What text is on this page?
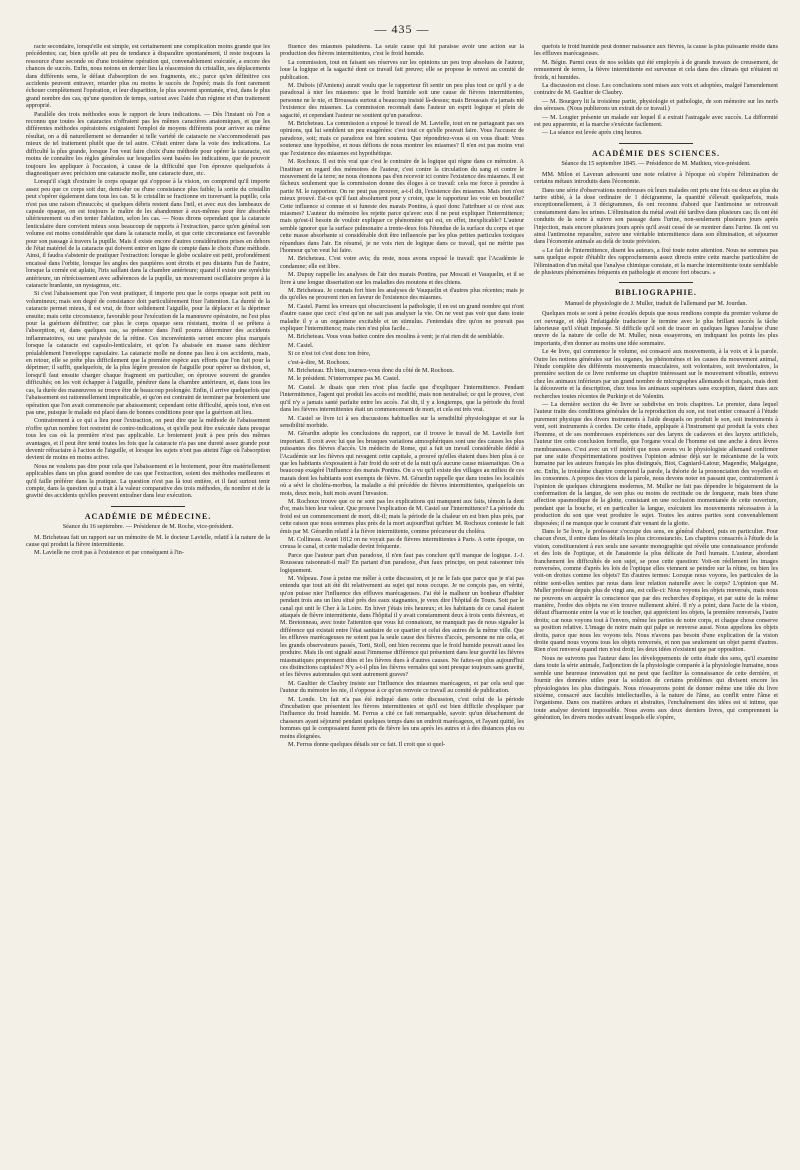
— 435 —

racte secondaire, lorsqu'elle est simple, est certainement une complication moins grande que les précédentes; car, bien qu'elle ait peu de tendance à disparaître spontanément, il reste toujours la ressource d'une seconde ou d'une troisième opération qui, convenablement exécutée, a encore des chances de succès. Enfin, nous notons en dernier lieu la réascension du cristallin, ses déplacements dans différents sens, le défaut d'absorption de ses fragments, etc.; parce qu'en définitive ces accidents peuvent entraver, retarder plus ou moins le succès de l'opéré; mais ils font rarement échouer complètement l'opération, et leur disparition, le plus souvent spontanée, n'est, dans le plus grand nombre des cas, qu'une question de temps, surtout avec l'aide d'un régime et d'un traitement approprié.

Parallèle des trois méthodes sous le rapport de leurs indications. — Dès l'instant où l'on a reconnu que toutes les cataractes n'offraient pas les mêmes caractères anatomiques, et que les différentes méthodes opératoires exigeaient l'emploi de moyens différents pour arriver au même résultat, on a dû naturellement se demander si telle variété de cataracte ne s'accommoderait pas mieux de tel traitement plutôt que de tel autre. C'était entrer dans la voie des indications. La difficulté la plus grande, lorsque l'on veut faire choix d'une méthode pour opérer la cataracte, est moins de connaître les règles générales sur lesquelles sont basées les indications, que de pouvoir toujours les appliquer à l'occasion, à cause de la difficulté que l'on éprouve quelquefois à diagnostiquer avec précision une cataracte molle, une cataracte dure, etc.

Lorsqu'il s'agit d'extraire le corps opaque qui s'oppose à la vision, on comprend qu'il importe assez peu que ce corps soit dur, demi-dur ou d'une consistance plus faible; la sortie du cristallin peut s'opérer également dans tous les cas. Si le cristallin se fractionne en traversant la pupille, cela n'est pas une raison d'insuccès; si quelques débris restent dans l'œil, et avec eux des lambeaux de capsule opaque, on est toujours le maître de les abandonner à eux-mêmes pour être absorbés ultérieurement ou d'en tenter l'ablation, selon les cas. — Nous dirons cependant que la cataracte lenticulaire dure convient mieux sous beaucoup de rapports à l'extraction, parce qu'en général son volume est moins considérable que dans la cataracte molle, et que cette circonstance est favorable pour son passage à travers la pupille. Mais il existe encore d'autres considérations prises en dehors de l'état matériel de la cataracte qui doivent entrer en ligne de compte dans le choix d'une méthode. Ainsi, il faudra s'abstenir de pratiquer l'extraction: lorsque le globe oculaire est petit, profondément encaissé dans l'orbite, lorsque les angles des paupières sont étroits et peu distants l'un de l'autre, lorsque la cornée est aplatie, l'iris saillant dans la chambre antérieure; quand il existe une synéchie antérieure, un rétrécissement avec adhérences de la pupille, un mouvement oscillatoire propre à la cataracte branlante, un nystagmus, etc.

Si c'est l'abaissement que l'on veut pratiquer, il importe peu que le corps opaque soit petit ou volumineux; mais son degré de consistance doit particulièrement fixer l'attention. La dureté de la cataracte permet mieux, il est vrai, de fixer solidement l'aiguille, pour la déplacer et la déprimer ensuite; mais cette circonstance, favorable pour l'exécution de la manœuvre opératoire, ne l'est plus pour la guérison définitive; car plus le corps opaque sera résistant, moins il se prêtera à l'absorption, et, dans quelques cas, sa présence dans l'œil pourra déterminer des accidents inflammatoires, ou une paralysie de la rétine. Ces inconvénients seront encore plus marqués lorsque la cataracte est capsulo-lenticulaire, et qu'on l'a abaissée en masse sans déchirer préalablement l'enveloppe capsulaire. La cataracte molle ne donne pas lieu à ces accidents, mais, en retour, elle se prête plus difficilement que la première espèce aux efforts que l'on fait pour la déprimer; il suffit, quelquefois, de la plus légère pression de l'aiguille pour opérer sa division, et, lorsqu'il faut ensuite charger chaque fragment en particulier, on éprouve souvent de grandes difficultés; on les voit échapper à l'aiguille, pénétrer dans la chambre antérieure, et, dans tous les cas, la durée des manœuvres se trouve être de beaucoup prolongée. Enfin, il arrive quelquefois que l'abaissement est rationnellement impraticable, et qu'on est contraint de terminer par broiement une opération que l'on avait commencée par abaissement; cependant cette difficulté, après tout, n'en est pas une, puisque le malade est placé dans de bonnes conditions pour que la guérison ait lieu.

Contrairement à ce qui a lieu pour l'extraction, on peut dire que la méthode de l'abaissement n'offre qu'un nombre fort restreint de contre-indications, et qu'elle peut être exécutée dans presque tous les cas où la première n'est pas applicable. Le broiement jouit à peu près des mêmes avantages, et il peut être tenté toutes les fois que la cataracte n'a pas une dureté assez grande pour devenir réfractaire à l'action de l'aiguille, et lorsque les sujets n'ont pas atteint l'âge où l'absorption devient de moins en moins active.

Nous ne voulons pas dire pour cela que l'abaissement et le broiement, pour être matériellement applicables dans un plus grand nombre de cas que l'extraction, soient des méthodes meilleures et qu'il faille préférer dans la pratique. La question n'est pas là tout entière, et il faut surtout tenir compte, dans la question qui a trait à la valeur comparative des trois méthodes, du nombre et de la gravité des accidents qu'elles peuvent entraîner dans leur exécution.

ACADÉMIE DE MÉDECINE.
Séance du 16 septembre. — Présidence de M. Roche, vice-président.

M. Bricheteau fait un rapport sur un mémoire de M. le docteur Lavielle, relatif à la nature de la cause qui produit la fièvre intermittente.

M. Lavielle ne croit pas à l'existence et par conséquent à l'in-

fluence des miasmes paludéens. La seule cause qui lui paraisse avoir une action sur la production des fièvres intermittentes, c'est le froid humide.

La commission, tout en faisant ses réserves sur les opinions un peu trop absolues de l'auteur, loue la logique et la sagacité dont ce travail fait preuve; elle se propose le renvoi au comité de publication.

M. Dubois (d'Amiens) aurait voulu que le rapporteur fît sentir un peu plus tout ce qu'il y a de paradoxal à nier les miasmes: que le froid humide soit une cause de fièvres intermittentes, personne ne le nie, et Broussais surtout a beaucoup insisté là-dessus; mais Broussais n'a jamais nié l'existence des miasmes. La commission reconnaît dans l'auteur un esprit logique et plein de sagacité, et cependant l'auteur ne soutient qu'un paradoxe.

M. Bricheteau. La commission a exposé le travail de M. Lavielle, tout en ne partageant pas ses opinions, qui lui semblent un peu exagérées: c'est tout ce qu'elle pouvait faire. Vous l'accusez de paradoxe, soit; mais ce paradoxe est bien soutenu. Que répondriez-vous si on vous disait: Vous soutenez une hypothèse, et nous défions de nous montrer les miasmes? Il n'en est pas moins vrai que l'existence des miasmes est hypothétique.

M. Rochoux. Il est très vrai que c'est le contraire de la logique qui règne dans ce mémoire. A l'instituer en regard des mémoires de l'auteur, c'est contre la circulation du sang et contre le mouvement de la terre; ne nous étonnons pas d'en recevoir ici contre l'existence des miasmes. Il est fâcheux seulement que la commission donne des éloges à ce travail: cela me force à prendre à partie M. le rapporteur. On ne peut pas prouver, a-t-il dit, l'existence des miasmes. Mais rien n'est mieux prouvé. Est-ce qu'il faut absolument pour y croire, que le rapporteur les voie en bouteille? Cette influence si connue et si funeste des marais Pontins, à quoi donc l'attribuer si ce n'est aux miasmes? L'auteur du mémoire les rejette parce qu'avec eux il ne peut expliquer l'intermittence; mais qu'est-il besoin de vouloir expliquer ce phénomène qui est, en effet, inexplicable? L'auteur semble ignorer que la surface pulmonaire a trente-deux fois l'étendue de la surface du corps et que cette masse absorbante si considérable doit être influencée par les plus petites particules toxiques répandues dans l'air. En résumé, je ne vois rien de logique dans ce travail, qui ne mérite pas l'honneur qu'on veut lui faire.

M. Bricheteau. C'est votre avis; du reste, nous avons exposé le travail: que l'Académie le condamne; elle est libre.

M. Dupuy rappelle les analyses de l'air des marais Pontins, par Moscati et Vauquelin, et il se livre à une longue dissertation sur les maladies des moutons et des chiens.

M. Bricheteau. Je connais fort bien les analyses de Vauquelin et d'autres plus récentes; mais je dis qu'elles ne prouvent rien en faveur de l'existence des miasmes.

M. Castel. Parmi les erreurs qui obscurcissent la pathologie, il en est un grand nombre qui n'ont d'autre cause que ceci: c'est qu'on ne sait pas analyser la vie. On ne veut pas voir que dans toute maladie il y a un organisme excitable et un stimulus. J'entendais dire qu'on ne pouvait pas expliquer l'intermittence; mais rien n'est plus facile...

M. Bricheteau. Vous vous battez contre des moulins à vent; je n'ai rien dit de semblable.

M. Castel.

Si ce n'est toi c'est donc ton frère,

c'est-à-dire, M. Rochoux.

M. Bricheteau. Eh bien, tournez-vous donc du côté de M. Rochoux.

M. le président. N'interrompez pas M. Castel.

M. Castel. Je disais que rien n'est plus facile que d'expliquer l'intermittence. Pendant l'intermittence, l'agent qui produit les accès est modifié, mais non neutralisé; ce qui le prouve, c'est qu'il n'y a jamais santé parfaite entre les accès. J'ai dit, il y a longtemps, que la période du froid dans les fièvres intermittentes était un commencement de mort, et cela est très vrai.

M. Castel se livre ici à ses discussions habituelles sur la sensibilité physiologique et sur la sensibilité morbide.

M. Gérardin adopte les conclusions du rapport, car il trouve le travail de M. Lavielle fort important. Il croit avec lui que les brusques variations atmosphériques sont une des causes les plus puissantes des fièvres d'accès. Un médecin de Rome, qui a fait un travail considérable dédié à l'Académie sur les fièvres qui ravagent cette capitale, a prouvé qu'elles étaient dues bien plus à ce que les habitants s'exposaient à l'air froid du soir et de la nuit qu'à aucune cause miasmatique. On a beaucoup exagéré l'influence des marais Pontins. On a vu qu'il existe des villages au milieu de ces marais dont les habitants sont exempts de fièvre. M. Gérardin rappelle que dans toutes les localités où a sévi le choléra-morbus, la maladie a été précédée de fièvres intermittentes, quelquefois un mois, deux mois, huit mois avant l'invasion.

M. Rochoux trouve que ce ne sont pas les explications qui manquent aux faits, témoin la dent d'or, mais bien leur valeur. Que prouve l'explication de M. Castel sur l'intermittence? La période du froid est un commencement de mort, dit-il; mais la période de la chaleur en est bien plus près, par cette raison que nous sommes plus près de la mort aujourd'hui qu'hier. M. Rochoux conteste le fait émis par M. Gérardin relatif à la fièvre intermittente, comme précurseur du choléra.

M. Collineau. Avant 1812 on ne voyait pas de fièvres intermittentes à Paris. A cette époque, on creusa le canal, et cette maladie devint fréquente.

Parce que l'auteur part d'un paradoxe, il n'en faut pas conclure qu'il manque de logique. J.-J. Rousseau raisonnait-il mal? En partant d'un paradoxe, d'un faux principe, on peut raisonner très logiquement.

M. Velpeau. J'ose à peine me mêler à cette discussion, et je ne le fais que parce que je n'ai pas entendu que tout ait été dit relativement au sujet qui nous occupe. Je ne conçois pas, en vérité, qu'on puisse nier l'influence des effluves marécageuses. J'ai été le malheur un bonheur d'habiter pendant trois ans un lieu situé près des eaux stagnantes, je veux dire l'hôpital de Tours. Soit par le canal qui unit le Cher à la Loire. En hiver j'étais très heureux; et les habitants de ce canal étaient attaqués de fièvre intermittente, dans l'hôpital il y avait constamment deux à trois cents fiévreux, et M. Bretonneau, avec toute l'attention que vous lui connaissez, ne manquait pas de nous signaler la différence qui existait entre l'état sanitaire de ce quartier et celui des autres de la même ville. Que les effluves marécageuses ne soient pas la seule cause des fièvres d'accès, personne ne nie cela, et les grands observateurs passés, Torti, Stoll, ont bien reconnu que le froid humide pouvait aussi les produire. Mais ils ont signalé aussi l'immense différence qui présentent dans leur gravité les fièvres miasmatiques proprement dites et les fièvres dues à d'autres causes. Ne faites-on plus aujourd'hui ces distinctions capitales? N'y a-t-il plus les fièvres vernales qui sont presque toujours sans gravité, et les fièvres automnales qui sont autrement graves?

M. Gaultier de Claubry insiste sur l'influence des miasmes marécageux, et par cela seul que l'auteur du mémoire les nie, il s'oppose à ce qu'on renvoie ce travail au comité de publication.

M. Londe. Un fait n'a pas été indiqué dans cette discussion, c'est celui de la période d'incubation que présentent les fièvres intermittentes et qu'il est bien difficile d'expliquer par l'influence du froid humide. M. Ferrus a cité ce fait remarquable, savoir: qu'un détachement de chasseurs ayant séjourné pendant quelques temps dans un endroit marécageux, et l'ayant quitté, les hommes qui le composaient furent pris de fièvre les uns après les autres et à des distances plus ou moins éloignées.

M. Ferrus donne quelques détails sur ce fait. Il croit que si quel-

quefois le froid humide peut donner naissance aux fièvres, la cause la plus puissante réside dans les effluves marécageuses.

M. Bégin. Parmi ceux de nos soldats qui été employés à de grands travaux de creusement, de remuement de terres, la fièvre intermittente est survenue et cela dans des climats qui n'étaient ni froids, ni humides.

La discussion est close. Les conclusions sont mises aux voix et adoptées, malgré l'amendement contraire de M. Gaultier de Claubry.

— M. Bourgery lit la troisième partie, physiologie et pathologie, de son mémoire sur les nerfs des séreuses. (Nous publierons un extrait de ce travail.)

— M. Lougier présente un malade sur lequel il a extrait l'astragale avec succès. La difformité est peu apparente, et la marche s'exécute facilement.

— La séance est levée après cinq heures.

ACADÉMIE DES SCIENCES.
Séance du 15 septembre 1845. — Présidence de M. Mathieu, vice-président.

MM. Milon et Laveran adressent une note relative à l'époque où s'opère l'élimination de certains métaux introduits dans l'économie.

Dans une série d'observations nombreuses où leurs malades ont pris une fois ou deux au plus du tartre stibié, à la dose ordinaire de 1 décigramme, la quantité s'élevait quelquefois, mais exceptionnellement, à 3 décigrammes, ils ont reconnu d'abord que l'antimoine se retrouvait constamment dans les urines. L'élimination du métal avait été tardive dans plusieurs cas; ils ont été conduits de la sorte à suivre son passage dans l'urine, non-seulement plusieurs jours après l'injection, mais encore plusieurs jours après qu'il avait cessé de se montrer dans l'urine. Ils ont vu ainsi l'antimoine reparaître, suivre une véritable intermittence dans son élimination, et séjourner dans l'économie animale au delà de toute prévision.

« Le fait de l'intermittence, disent les auteurs, a fixé toute notre attention. Nous ne sommes pas sans quelque espoir d'établir des rapprochements assez directs entre cette marche particulière de l'élimination d'un métal que l'analyse chimique constate, et la marche intermittente toute semblable de plusieurs phénomènes fréquents en pathologie et encore fort obscurs. »

BIBLIOGRAPHIE.
Manuel de physiologie de J. Muller, traduit de l'allemand par M. Jourdan.

Quelques mois se sont à peine écoulés depuis que nous rendions compte du premier volume de cet ouvrage, et déjà l'infatigable traducteur le termine avec le plus brillant succès la tâche laborieuse qu'il s'était imposée. Si difficile qu'il soit de tracer en quelques lignes l'analyse d'une œuvre de la nature de celle de M. Muller, nous essayerons, en indiquant les points les plus importants, d'en donner au moins une idée sommaire.

Le 4e livre, qui commence le volume, est consacré aux mouvements, à la voix et à la parole. Outre les notions générales sur les organes, les phénomènes et les causes du mouvement animal, l'étude complète des différents mouvements musculaires, soit volontaires, soit involontaires, la première section de ce livre renferme un chapitre intéressant sur le mouvement vibratile, entrevu chez les animaux inférieurs par un grand nombre de micrographes allemands et français, mais dont la découverte et la description, chez tous les animaux supérieurs sans exception, datent dues aux recherches toutes récentes de Purkinje et de Valentin.

— La dernière section du 4e livre se subdivise en trois chapitres. Le premier, dans lequel l'auteur traite des conditions générales de la reproduction du son, est tout entier consacré à l'étude purement physique des divers instruments à l'aide desquels on produit le son, soit instruments à vent, soit instruments à cordes. De cette étude, appliquée à l'instrument qui produit la voix chez l'homme, et de ses nombreuses expériences sur des larynx de cadavres et des larynx artificiels, l'auteur tire cette conclusion formelle, que l'organe vocal de l'homme est une anche à deux lèvres membraneuses. C'est avec un vif intérêt que nous avons vu le physiologiste allemand confirmer par une suite d'expérimentations positives l'opinion admise déjà sur le mécanisme de la voix humaine par les auteurs français les plus distingués, Biot, Cagniard-Latour, Magendie, Malgaigne, etc. Enfin, le troisième chapitre comprend la parole, la théorie de la prononciation des voyelles et les consonnes. A propos des vices de la parole, nous devons noter en passant que, contrairement à l'opinion de quelques chirurgiens modernes, M. Muller ne fait pas dépendre le bégaiement de la conformation de la langue, de son plus ou moins de rectitude ou de longueur, mais bien d'une affection spasmodique de la glotte, consistant en une occlusion momentanée de cette ouverture, pendant que la bouche, et en particulier la langue, exécutent les mouvements nécessaires à la production du son que veut produire le sujet. Toutes les autres parties sont convenablement disposées; il ne manque que le courant d'air venant de la glotte.

Dans le 5e livre, le professeur s'occupe des sens, en général d'abord, puis en particulier. Pour chacun d'eux, il entre dans les détails les plus circonstanciés. Les chapitres consacrés à l'étude de la vision, constitueraient à eux seuls une savante monographie qui révèle une connaissance profonde et des lois de l'optique, et de l'anatomie la plus délicate de l'œil humain. L'auteur, abordant franchement les difficultés de son sujet, se pose cette question: Voit-on réellement les images renversées, comme d'après les lois de l'optique elles viennent se peindre sur la rétine, ou bien les voit-on droites comme les objets? En d'autres termes: Lorsque nous voyons, les particules de la rétine sont-elles senties par nous dans leur relation naturelle avec le corps? L'opinion que M. Muller professe depuis plus de vingt ans, est celle-ci: Nous voyons les objets renversés, mais nous ne pouvons en acquérir la conscience que par des recherches d'optique, et par suite de la même manière, l'ordre des objets ne s'en trouve nullement altéré. Il n'y a point, dans l'acte de la vision, défaut d'harmonie entre la vue et le toucher, qui apprécient les objets, la première renversés, l'autre droits; car nous voyons tout à l'envers, même les parties de notre corps, et chaque chose conserve sa position relative. L'image de notre main qui palpe se renverse aussi. Nous appelons les objets droits, parce que nous les voyons tels. Nous n'avons pas besoin d'une explication de la vision droite quand nous voyons tous les objets renversés, et non pas seulement un objet parmi d'autres. Rien n'est renversé quand rien n'est droit; les deux idées n'existent que par opposition.

Nous ne suivrons pas l'auteur dans les développements de cette étude des sens, qu'il examine dans toute la série animale, l'adjonction de la physiologie comparée à la physiologie humaine, nous semble une heureuse innovation qui ne peut que faciliter la connaissance de cette dernière, et fournir des données utiles pour la solution de certains problèmes qui divisent encore les physiologistes les plus distingués. Nous n'essayerons point de donner même une idée du livre sixième, consacré aux facultés intellectuelles, à la nature de l'âme, au conflit entre l'âme et l'organisme. Dans ces matières ardues et abstraites, l'enchaînement des idées est si intime, que toute analyse devient impossible. Nous avons aux deux derniers livres, qui comprennent la génération, les divers modes suivant lesquels elle s'opère,
